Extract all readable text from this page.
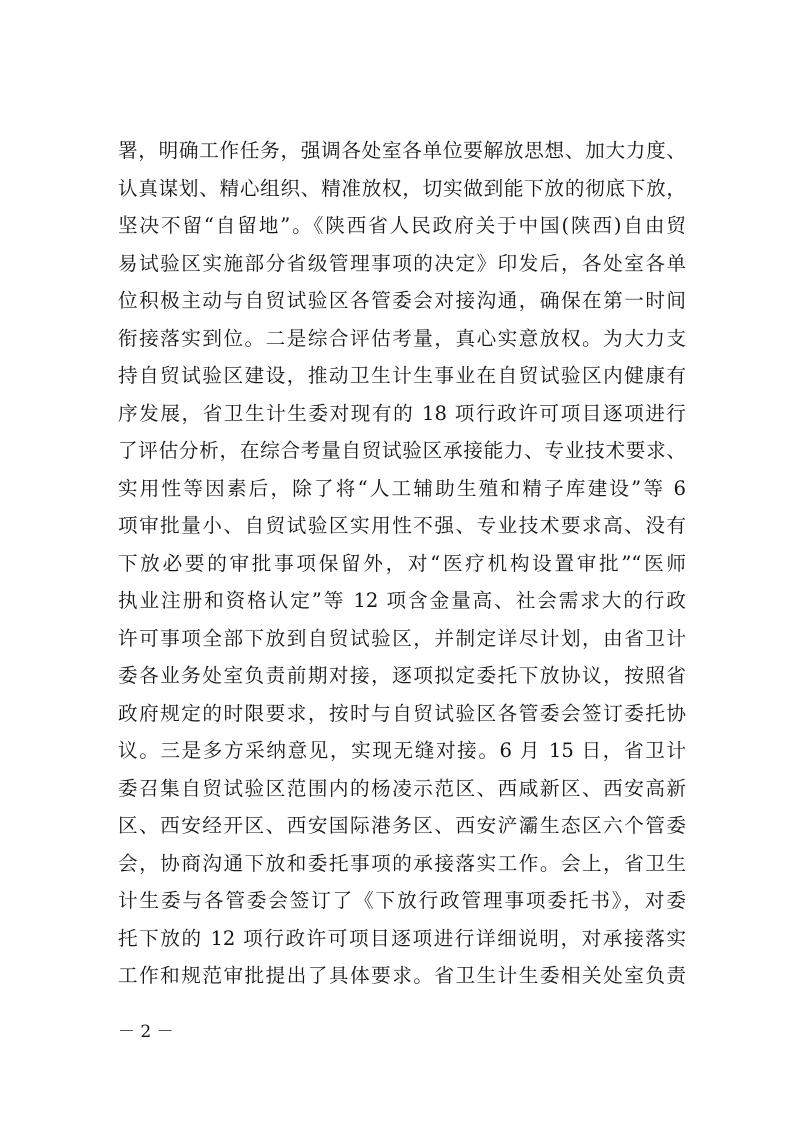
署，明确工作任务，强调各处室各单位要解放思想、加大力度、
认真谋划、精心组织、精准放权，切实做到能下放的彻底下放，
坚决不留“自留地”。《陕西省人民政府关于中国(陕西)自由贸
易试验区实施部分省级管理事项的决定》印发后，各处室各单
位积极主动与自贸试验区各管委会对接沟通，确保在第一时间
衔接落实到位。二是综合评估考量，真心实意放权。为大力支
持自贸试验区建设，推动卫生计生事业在自贸试验区内健康有
序发展，省卫生计生委对现有的 18 项行政许可项目逐项进行
了评估分析，在综合考量自贸试验区承接能力、专业技术要求、
实用性等因素后，除了将“人工辅助生殖和精子库建设”等 6
项审批量小、自贸试验区实用性不强、专业技术要求高、没有
下放必要的审批事项保留外，对“医疗机构设置审批”“医师
执业注册和资格认定”等 12 项含金量高、社会需求大的行政
许可事项全部下放到自贸试验区，并制定详尽计划，由省卫计
委各业务处室负责前期对接，逐项拟定委托下放协议，按照省
政府规定的时限要求，按时与自贸试验区各管委会签订委托协
议。三是多方采纳意见，实现无缝对接。6 月 15 日，省卫计
委召集自贸试验区范围内的杨凌示范区、西咸新区、西安高新
区、西安经开区、西安国际港务区、西安浐灞生态区六个管委
会，协商沟通下放和委托事项的承接落实工作。会上，省卫生
计生委与各管委会签订了《下放行政管理事项委托书》，对委
托下放的 12 项行政许可项目逐项进行详细说明，对承接落实
工作和规范审批提出了具体要求。省卫生计生委相关处室负责
－ 2 －
